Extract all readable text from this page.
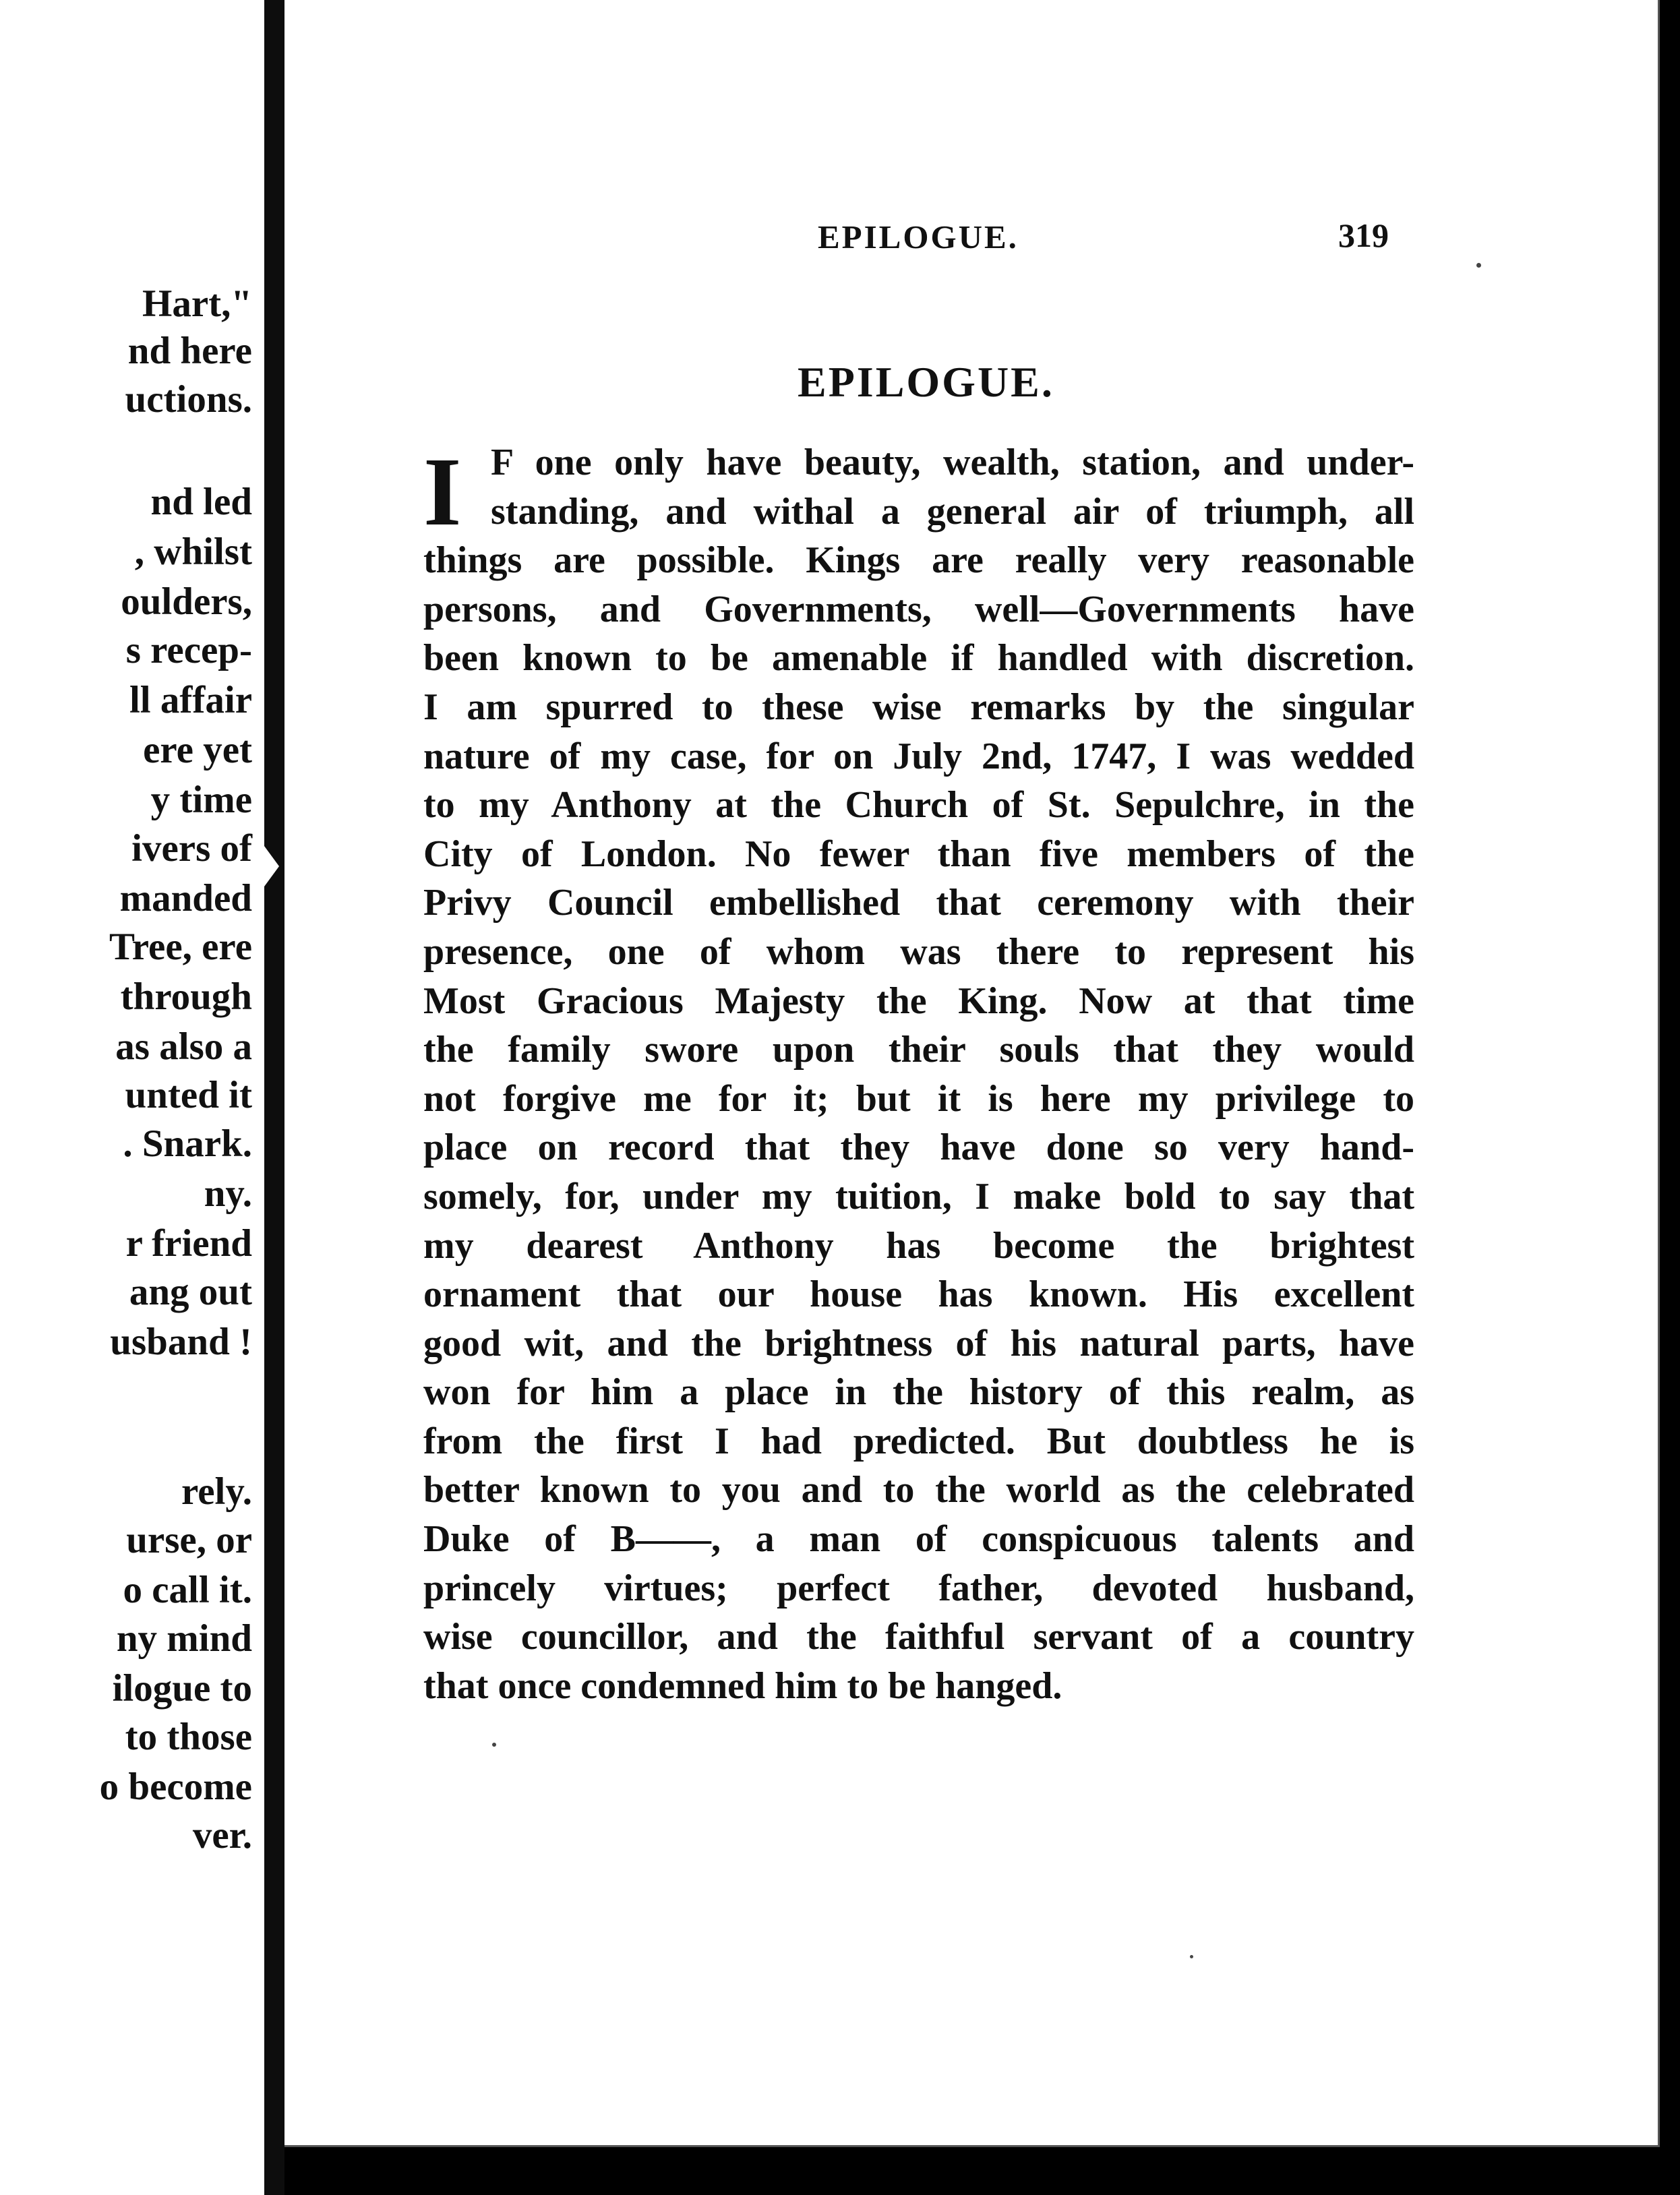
Hart,"

nd here

uctions.

nd led

, whilst

oulders,

s recep-

ll affair

ere yet

y time

ivers of

manded

Tree, ere

through

as also a

unted it

. Snark.

ny.

r friend

ang out

usband !

rely.

urse, or

o call it.

ny mind

ilogue to

to those

o become

ver.

EPILOGUE.	319

EPILOGUE.
I F one only have beauty, wealth, station, and under-
standing, and withal a general air of triumph, all
things are possible. Kings are really very reasonable
persons, and Governments, well—Governments have
been known to be amenable if handled with discretion.
I am spurred to these wise remarks by the singular
nature of my case, for on July 2nd, 1747, I was wedded
to my Anthony at the Church of St. Sepulchre, in the
City of London. No fewer than five members of the
Privy Council embellished that ceremony with their
presence, one of whom was there to represent his
Most Gracious Majesty the King. Now at that time
the family swore upon their souls that they would
not forgive me for it; but it is here my privilege to
place on record that they have done so very hand-
somely, for, under my tuition, I make bold to say that
my dearest Anthony has become the brightest
ornament that our house has known. His excellent
good wit, and the brightness of his natural parts, have
won for him a place in the history of this realm, as
from the first I had predicted. But doubtless he is
better known to you and to the world as the celebrated
Duke of B——, a man of conspicuous talents and
princely virtues; perfect father, devoted husband,
wise councillor, and the faithful servant of a country
that once condemned him to be hanged.
